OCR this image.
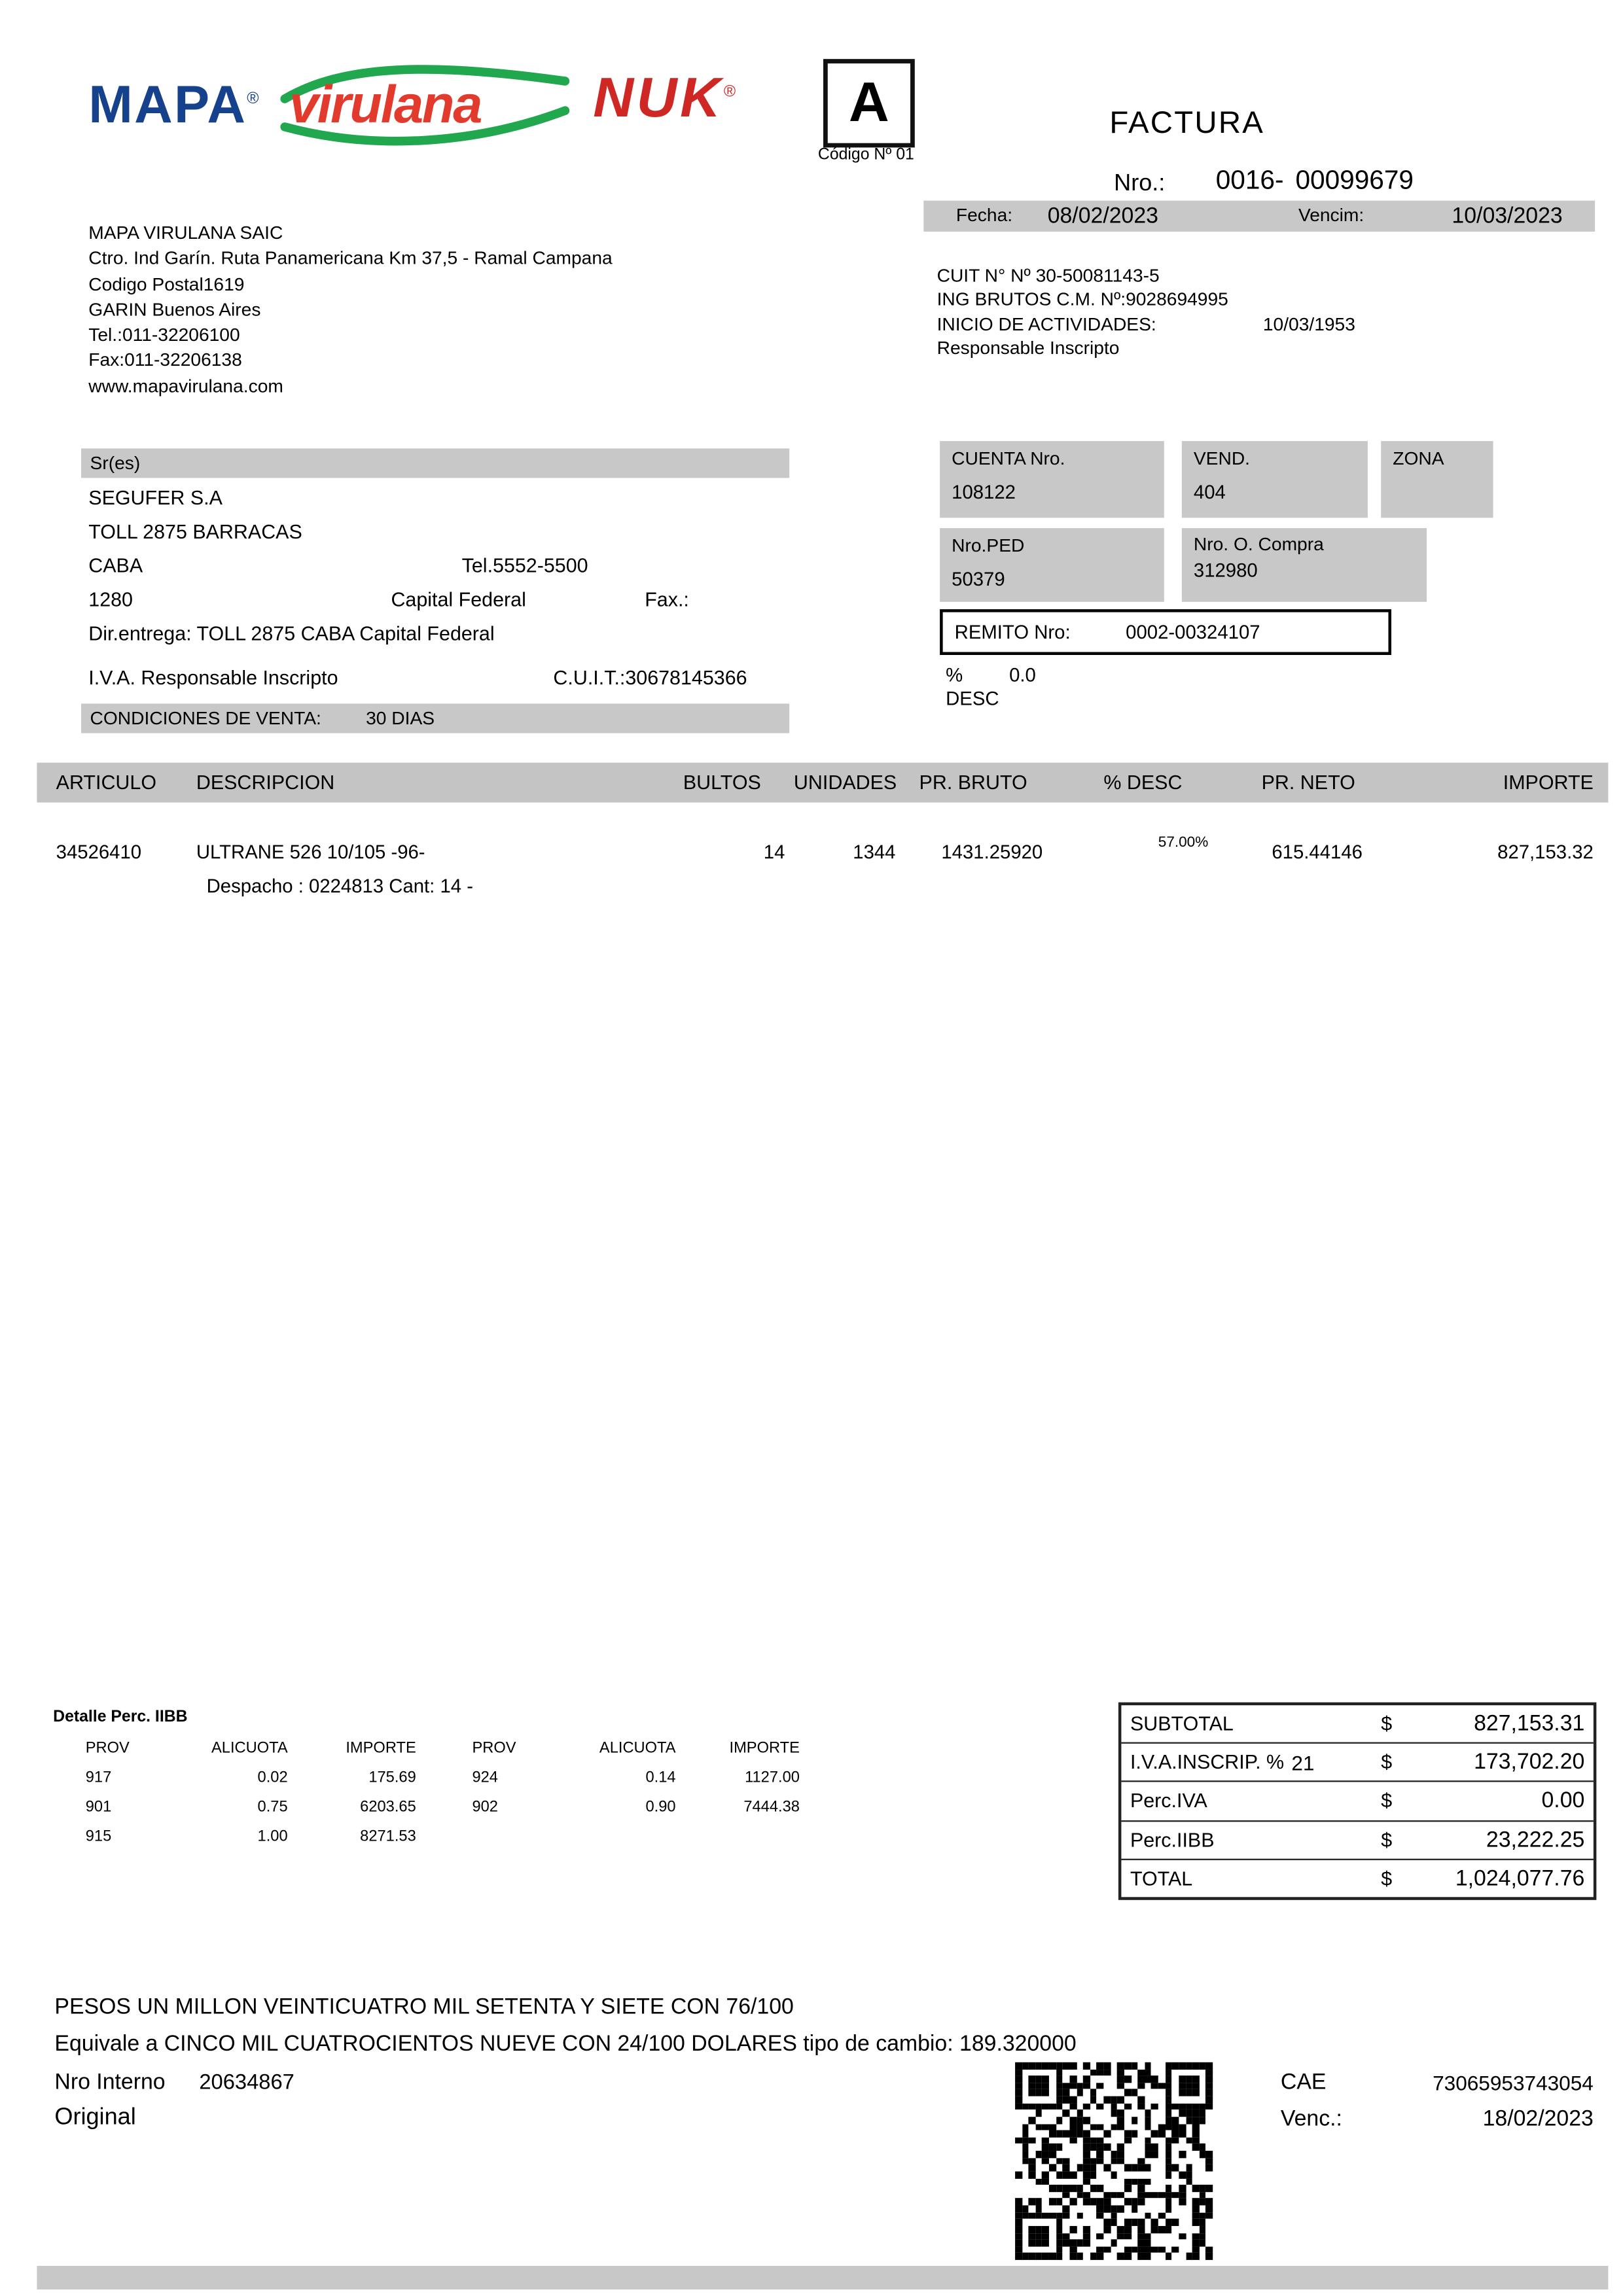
MAPA® virulana	NUK®	A
Código Nº 01
FACTURA
Nro.:	0016- 00099679
Fecha:	08/02/2023	Vencim:	10/03/2023
MAPA VIRULANA SAIC
Ctro. Ind Garín. Ruta Panamericana Km 37,5 - Ramal Campana
Codigo Postal1619
GARIN Buenos Aires
Tel.:011-32206100
Fax:011-32206138
www.mapavirulana.com
CUIT N° Nº 30-50081143-5
ING BRUTOS C.M. Nº:9028694995
INICIO DE ACTIVIDADES:	10/03/1953
Responsable Inscripto
Sr(es)
SEGUFER S.A
TOLL 2875 BARRACAS
CABA	Tel.5552-5500
1280	Capital Federal	Fax.:
Dir.entrega: TOLL 2875 CABA Capital Federal
I.V.A. Responsable Inscripto	C.U.I.T.:30678145366
CONDICIONES DE VENTA:	30 DIAS
CUENTA Nro.
108122
VEND.
404
ZONA
Nro.PED
50379
Nro. O. Compra
312980
REMITO Nro:	0002-00324107
%	0.0
DESC
ARTICULO	DESCRIPCION	BULTOS	UNIDADES	PR. BRUTO	% DESC	PR. NETO	IMPORTE
34526410	ULTRANE 526 10/105 -96-	14	1344	1431.25920	57.00%	615.44146	827,153.32
Despacho : 0224813 Cant: 14 -
Detalle Perc. IIBB
PROV	ALICUOTA	IMPORTE	PROV	ALICUOTA	IMPORTE
917	0.02	175.69	924	0.14	1127.00
901	0.75	6203.65	902	0.90	7444.38
915	1.00	8271.53
SUBTOTAL	$	827,153.31
I.V.A.INSCRIP. % 21	$	173,702.20
Perc.IVA	$	0.00
Perc.IIBB	$	23,222.25
TOTAL	$	1,024,077.76
PESOS UN MILLON VEINTICUATRO MIL SETENTA Y SIETE CON 76/100
Equivale a CINCO MIL CUATROCIENTOS NUEVE CON 24/100 DOLARES tipo de cambio: 189.320000
Nro Interno	20634867
Original
CAE	73065953743054
Venc.:	18/02/2023
